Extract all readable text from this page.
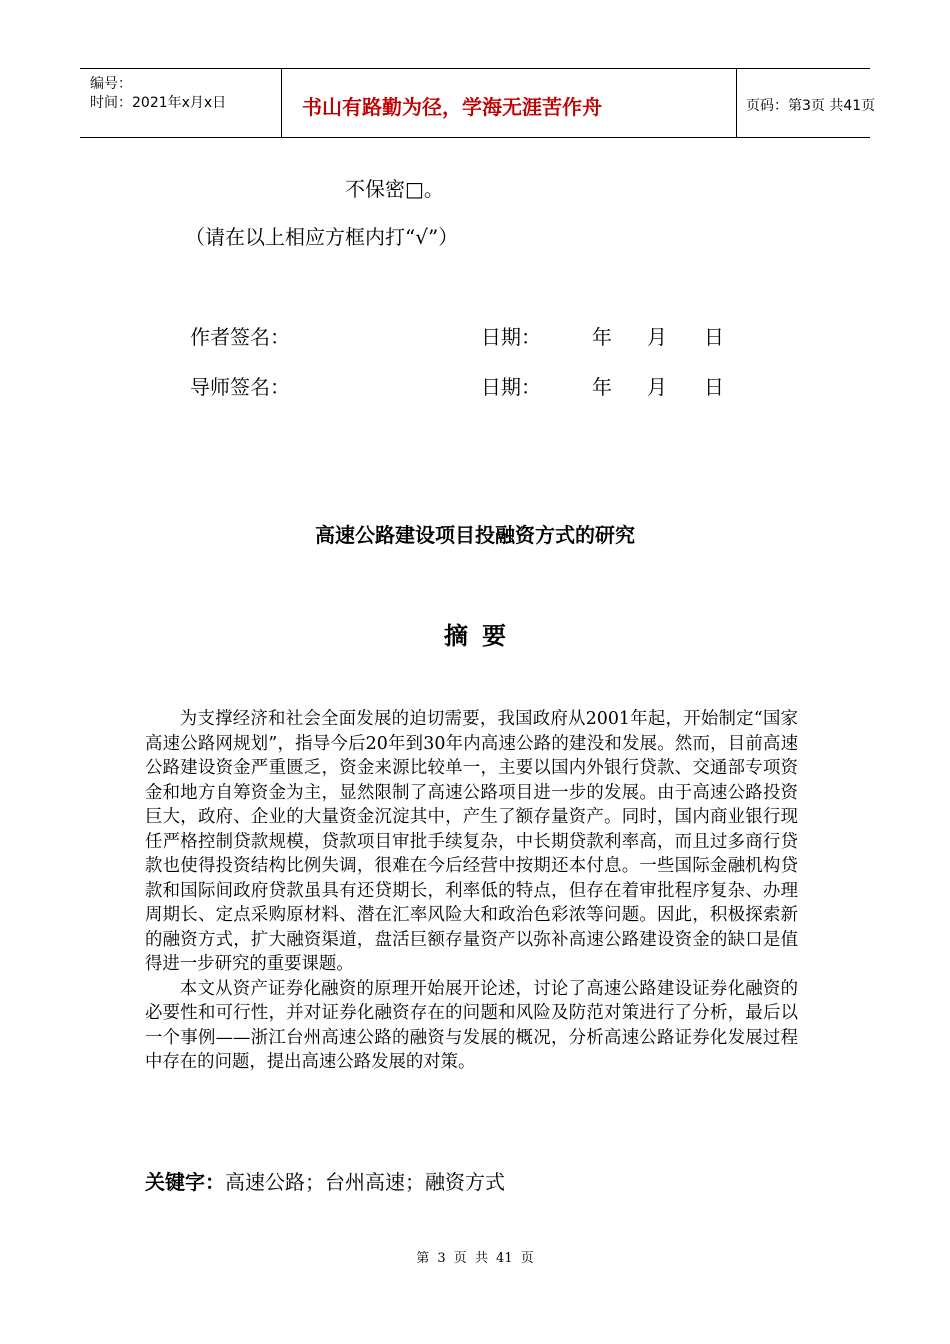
编号：
时间：2021年x月x日	书山有路勤为径，学海无涯苦作舟	页码：第3页 共41页
不保密□。
（请在以上相应方框内打“√”）
作者签名：	日期：	年 月 日
导师签名：	日期：	年 月 日
高速公路建设项目投融资方式的研究
摘要

为支撑经济和社会全面发展的迫切需要，我国政府从2001年起，开始制定“国家高速公路网规划”，指导今后20年到30年内高速公路的建没和发展。然而，目前高速公路建设资金严重匮乏，资金来源比较单一，主要以国内外银行贷款、交通部专项资金和地方自筹资金为主，显然限制了高速公路项目进一步的发展。由于高速公路投资巨大，政府、企业的大量资金沉淀其中，产生了额存量资产。同时，国内商业银行现任严格控制贷款规模，贷款项目审批手续复杂，中长期贷款利率高，而且过多商行贷款也使得投资结构比例失调，很难在今后经营中按期还本付息。一些国际金融机构贷款和国际间政府贷款虽具有还贷期长，利率低的特点，但存在着审批程序复杂、办理周期长、定点采购原材料、潜在汇率风险大和政治色彩浓等问题。因此，积极探索新的融资方式，扩大融资渠道，盘活巨额存量资产以弥补高速公路建设资金的缺口是值得进一步研究的重要课题。

本文从资产证券化融资的原理开始展开论述，讨论了高速公路建设证券化融资的必要性和可行性，并对证券化融资存在的问题和风险及防范对策进行了分析，最后以一个事例——浙江台州高速公路的融资与发展的概况，分析高速公路证券化发展过程中存在的问题，提出高速公路发展的对策。

关键字：高速公路；台州高速；融资方式
第 3 页 共 41 页
